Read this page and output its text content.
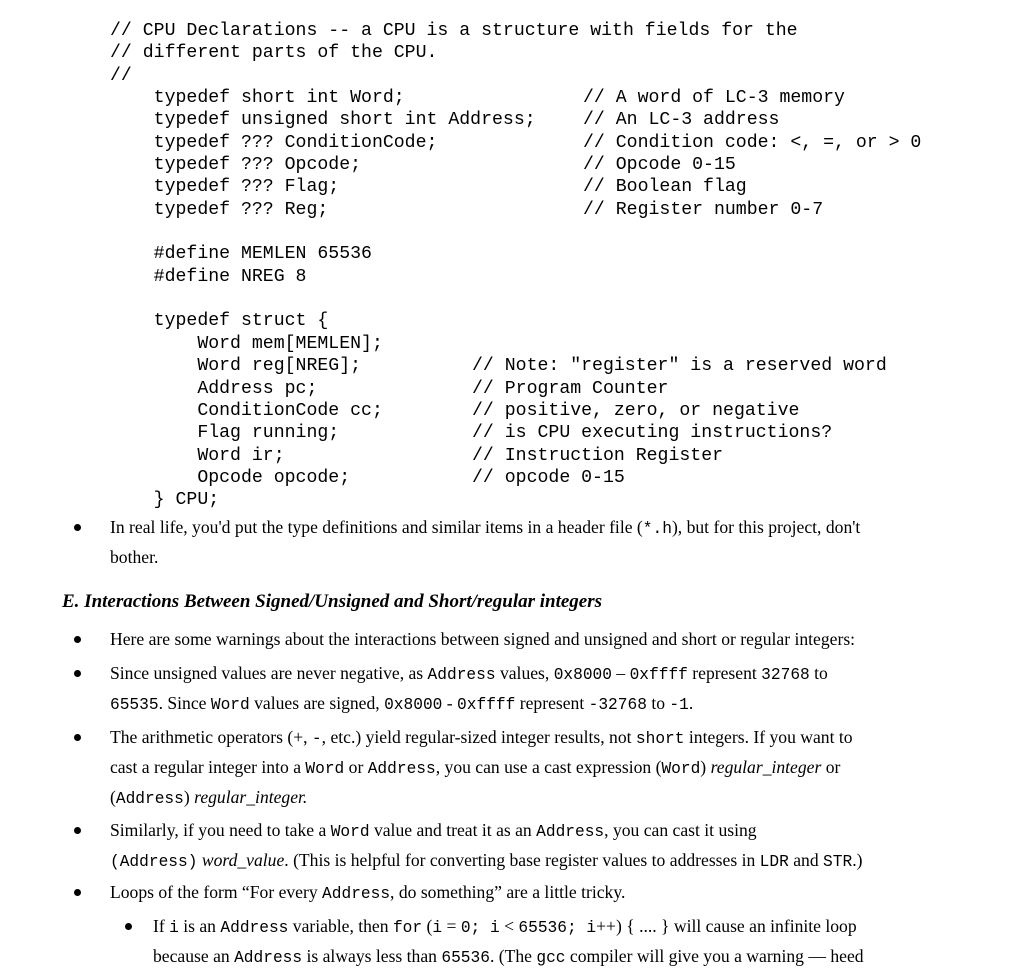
// CPU Declarations -- a CPU is a structure with fields for the
// different parts of the CPU.
//
typedef short int Word;	// A word of LC-3 memory
typedef unsigned short int Address;	// An LC-3 address
typedef ??? ConditionCode;	// Condition code: <, =, or > 0
typedef ??? Opcode;	// Opcode 0-15
typedef ??? Flag;	// Boolean flag
typedef ??? Reg;	// Register number 0-7
#define MEMLEN 65536
#define NREG 8
typedef struct {
Word mem[MEMLEN];
Word reg[NREG];	// Note: "register" is a reserved word
Address pc;	// Program Counter
ConditionCode cc;	// positive, zero, or negative
Flag running;	// is CPU executing instructions?
Word ir;	// Instruction Register
Opcode opcode;	// opcode 0-15
} CPU;
In real life, you'd put the type definitions and similar items in a header file (*.h), but for this project, don't
bother.
E. Interactions Between Signed/Unsigned and Short/regular integers
Here are some warnings about the interactions between signed and unsigned and short or regular integers:
Since unsigned values are never negative, as Address values, 0x8000 – 0xffff represent 32768 to
65535. Since Word values are signed, 0x8000 - 0xffff represent -32768 to -1.
The arithmetic operators (+, -, etc.) yield regular-sized integer results, not short integers. If you want to
cast a regular integer into a Word or Address, you can use a cast expression (Word) regular_integer or
(Address) regular_integer.
Similarly, if you need to take a Word value and treat it as an Address, you can cast it using
(Address) word_value. (This is helpful for converting base register values to addresses in LDR and STR.)
Loops of the form “For every Address, do something” are a little tricky.
If i is an Address variable, then for (i = 0; i < 65536; i++) { .... } will cause an infinite loop
because an Address is always less than 65536. (The gcc compiler will give you a warning — heed
